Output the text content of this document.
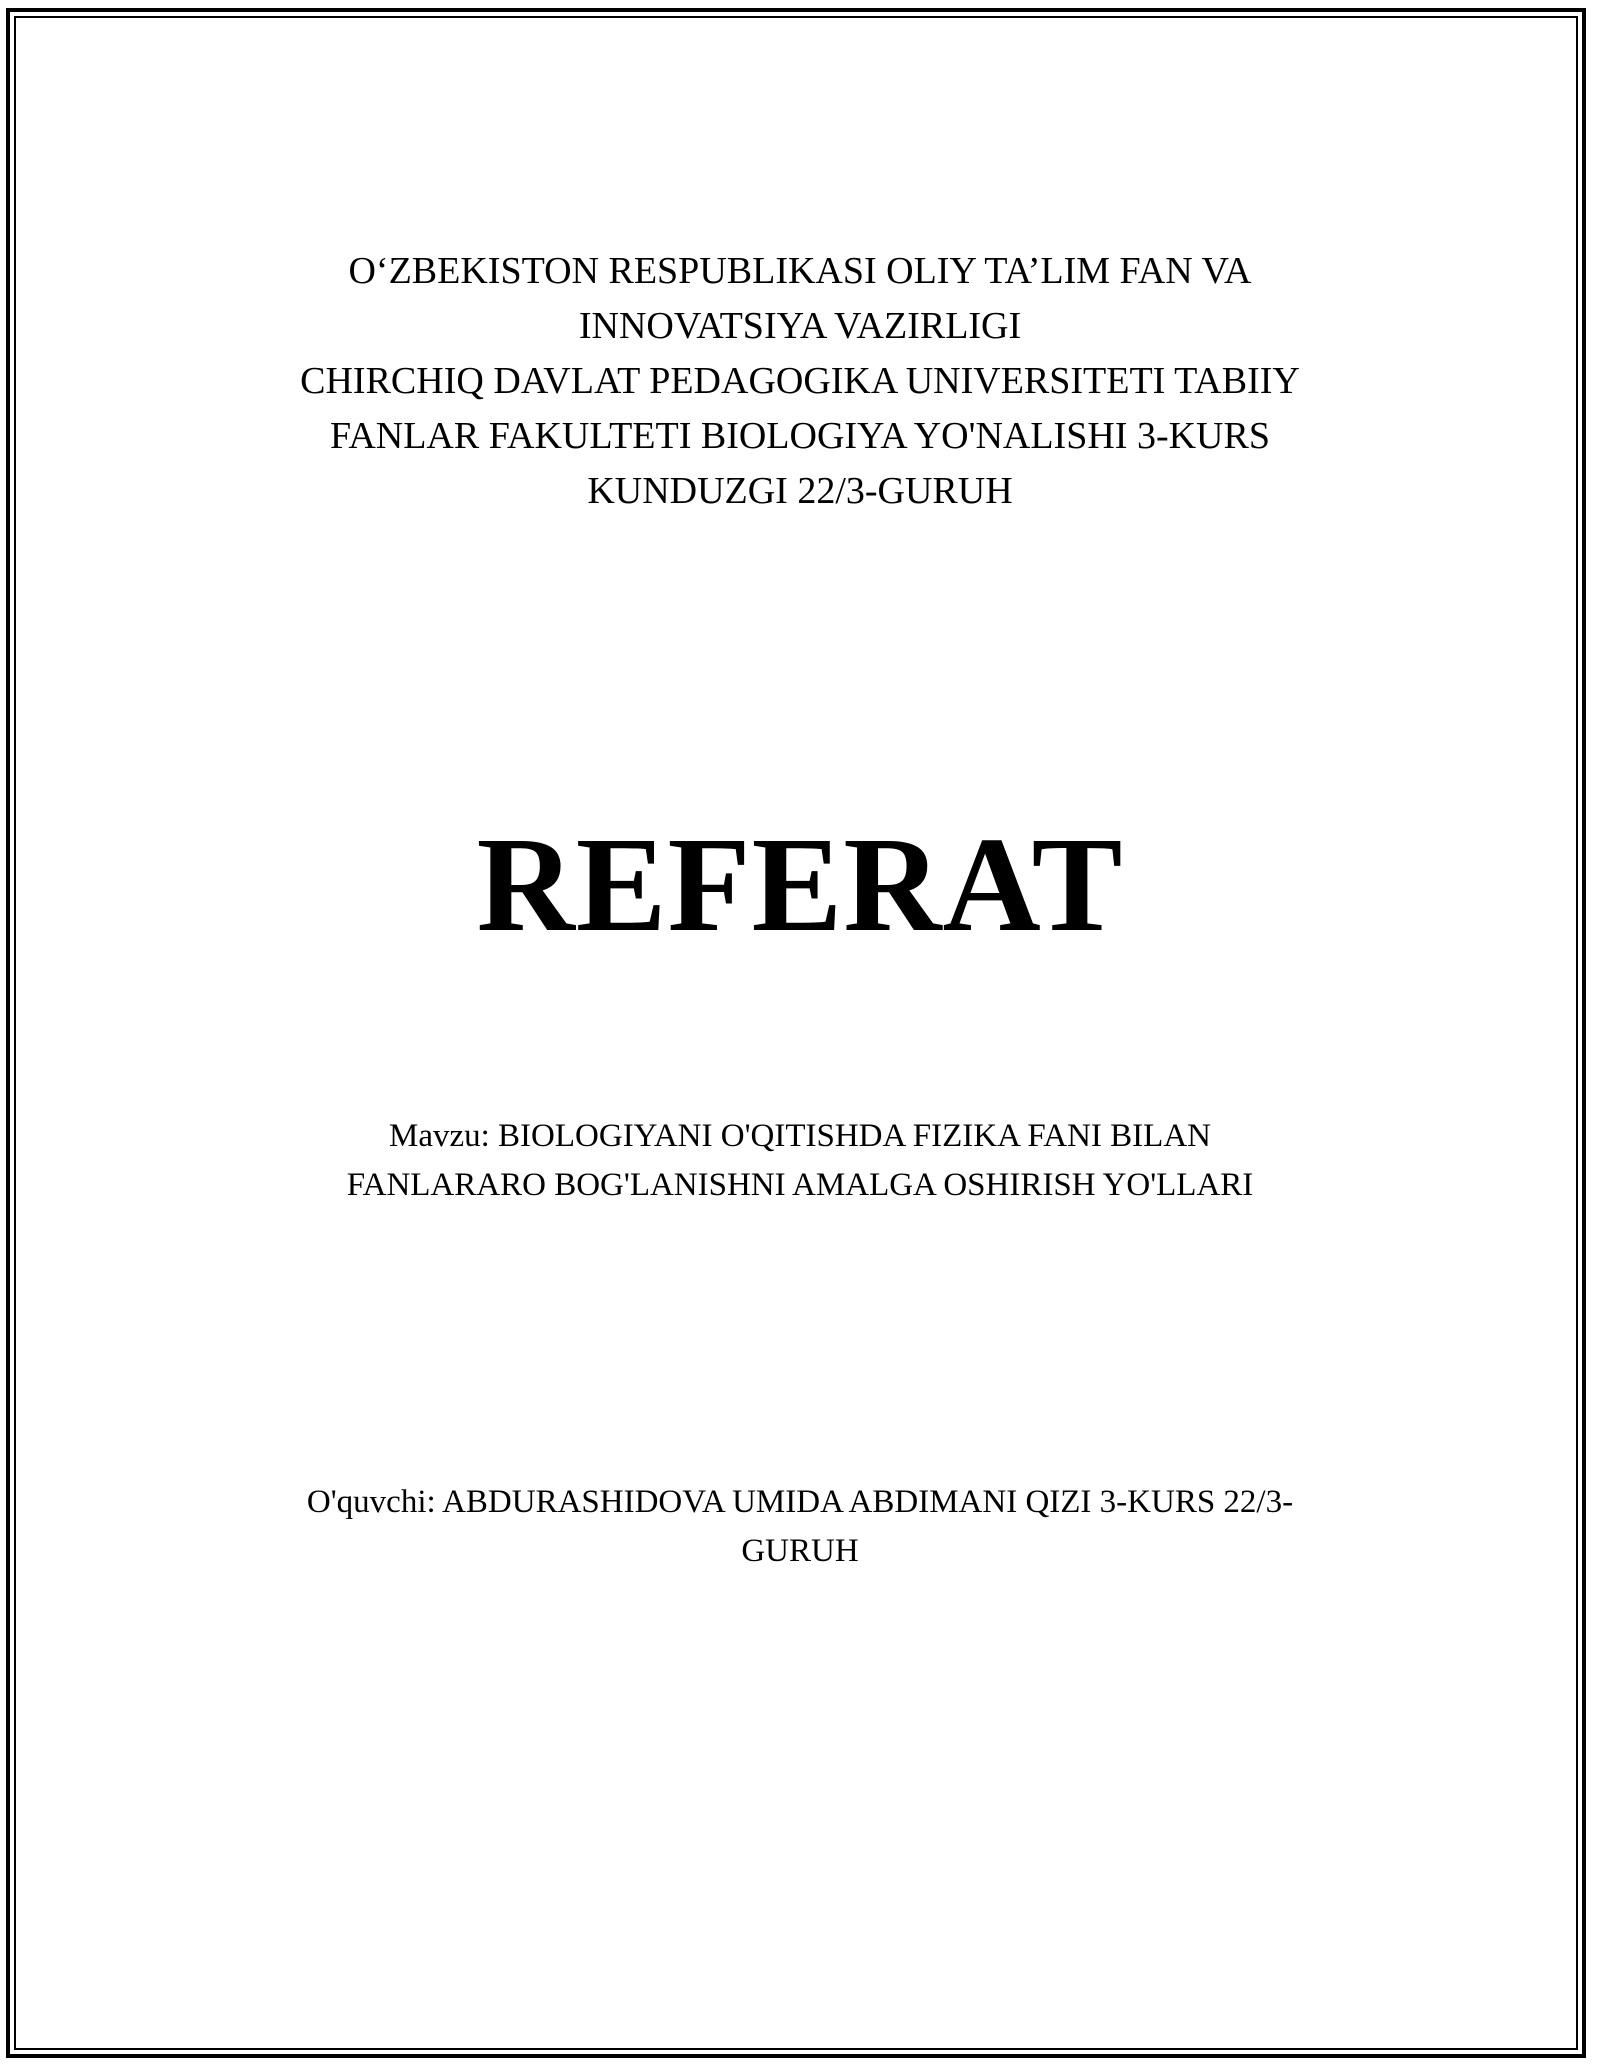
O‘ZBEKISTON RESPUBLIKASI OLIY TA’LIM FAN VA
INNOVATSIYA VAZIRLIGI
CHIRCHIQ DAVLAT PEDAGOGIKA UNIVERSITETI TABIIY
FANLAR FAKULTETI BIOLOGIYA YO'NALISHI 3-KURS
KUNDUZGI 22/3-GURUH
REFERAT
Mavzu: BIOLOGIYANI O'QITISHDA FIZIKA FANI BILAN
FANLARARO BOG'LANISHNI AMALGA OSHIRISH YO'LLARI
O'quvchi: ABDURASHIDOVA UMIDA ABDIMANI QIZI 3-KURS 22/3-
GURUH
